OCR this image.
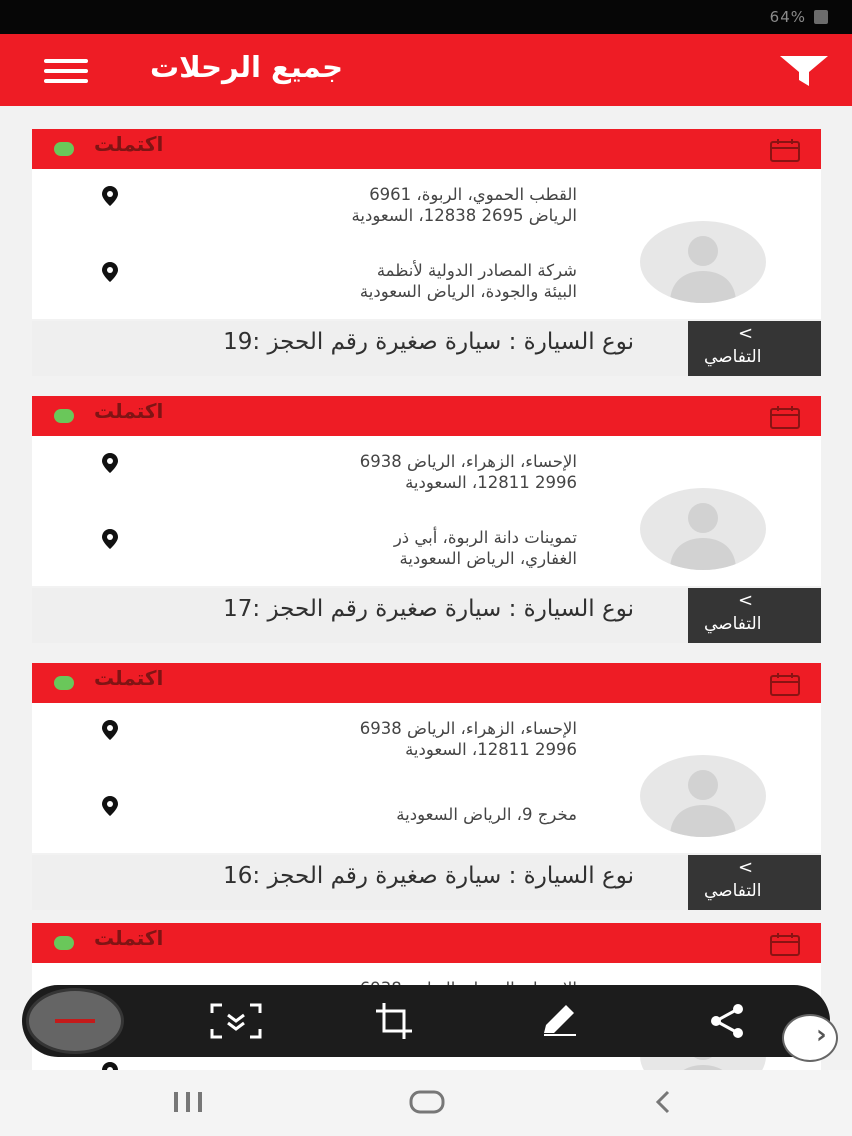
64%
جميع الرحلات
اكتملت
القطب الحموي، الربوة، 6961
الرياض 2695 12838، السعودية
شركة المصادر الدولية لأنظمة
البيئة والجودة، الرياض السعودية
نوع السيارة : سيارة صغيرة رقم الحجز :19	<
التفاصي
اكتملت
الإحساء، الزهراء، الرياض 6938
2996 12811، السعودية
تموينات دانة الربوة، أبي ذر
الغفاري، الرياض السعودية
نوع السيارة : سيارة صغيرة رقم الحجز :17	<
التفاصي
اكتملت
الإحساء، الزهراء، الرياض 6938
2996 12811، السعودية
مخرج 9، الرياض السعودية
نوع السيارة : سيارة صغيرة رقم الحجز :16	<
التفاصي
اكتملت
›
